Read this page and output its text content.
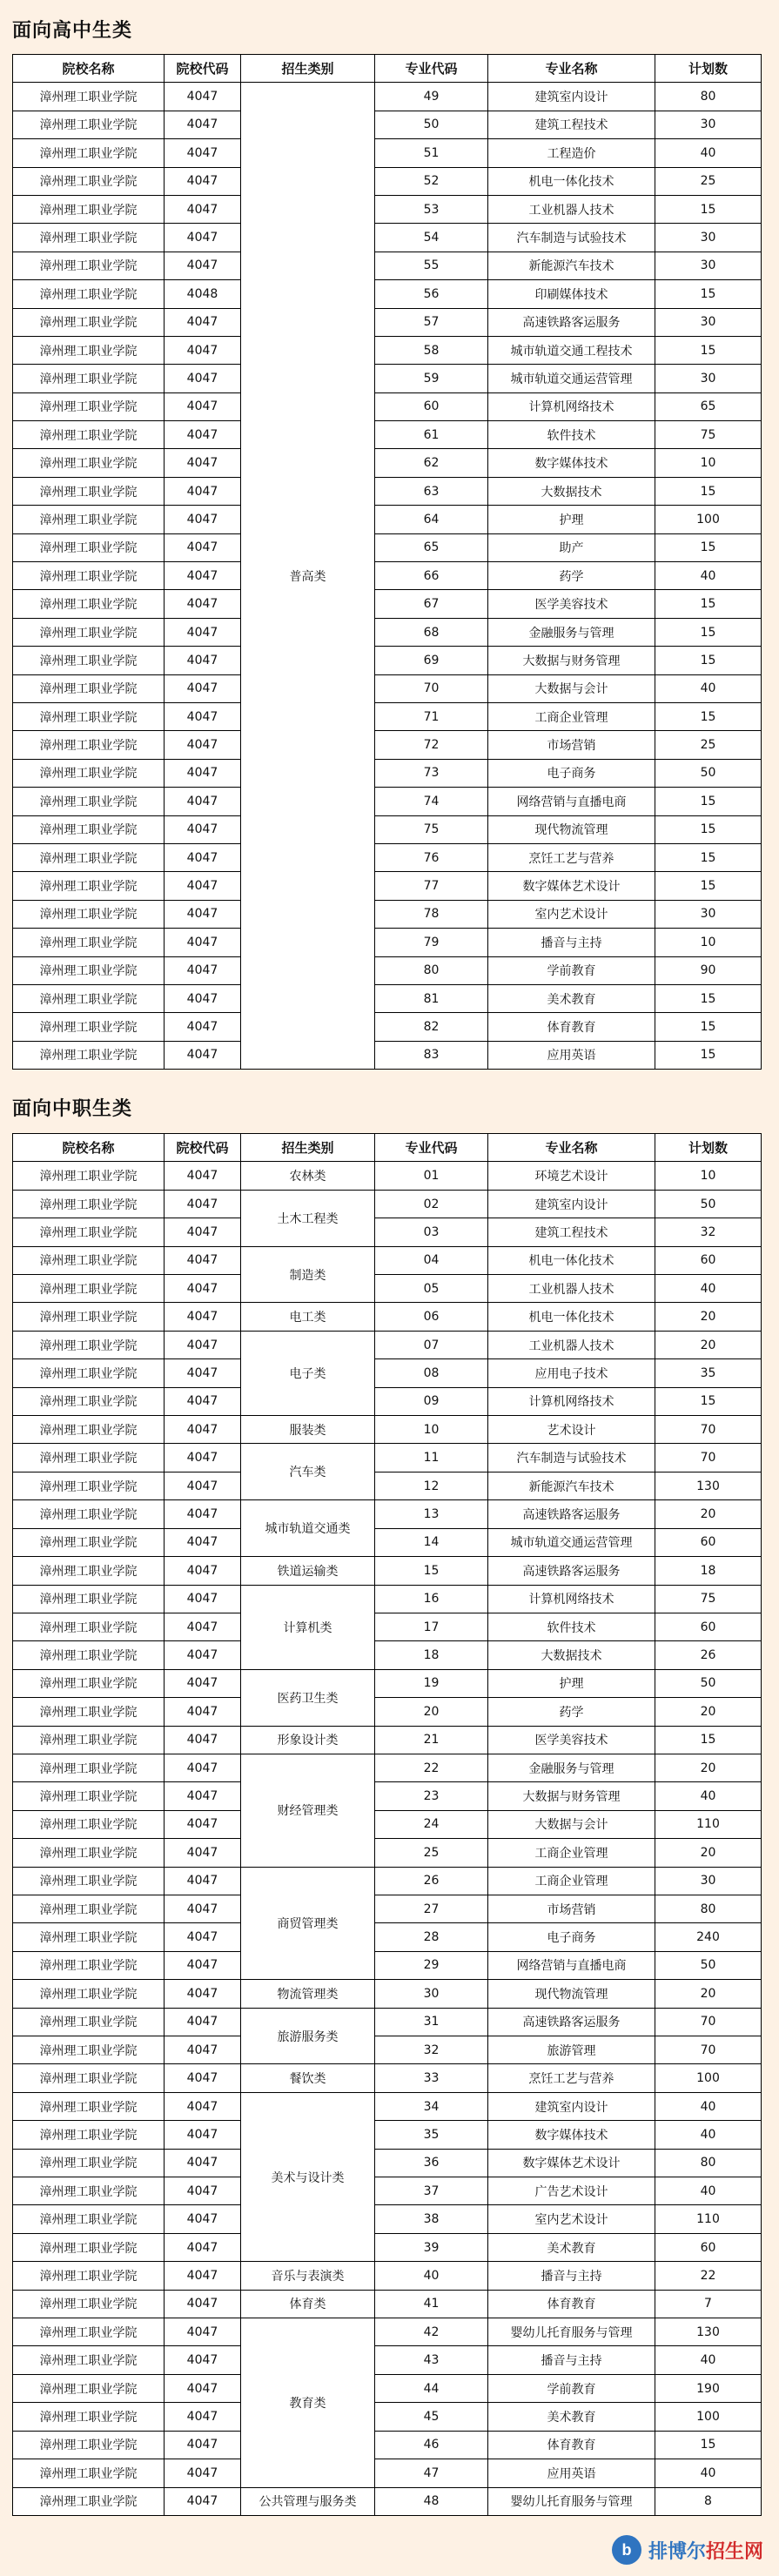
面向高中生类
院校名称	院校代码	招生类别	专业代码	专业名称	计划数
漳州理工职业学院	4047	普高类	49	建筑室内设计	80
漳州理工职业学院	4047		50	建筑工程技术	30
漳州理工职业学院	4047		51	工程造价	40
漳州理工职业学院	4047		52	机电一体化技术	25
漳州理工职业学院	4047		53	工业机器人技术	15
漳州理工职业学院	4047		54	汽车制造与试验技术	30
漳州理工职业学院	4047		55	新能源汽车技术	30
漳州理工职业学院	4048		56	印刷媒体技术	15
漳州理工职业学院	4047		57	高速铁路客运服务	30
漳州理工职业学院	4047		58	城市轨道交通工程技术	15
漳州理工职业学院	4047		59	城市轨道交通运营管理	30
漳州理工职业学院	4047		60	计算机网络技术	65
漳州理工职业学院	4047		61	软件技术	75
漳州理工职业学院	4047		62	数字媒体技术	10
漳州理工职业学院	4047		63	大数据技术	15
漳州理工职业学院	4047		64	护理	100
漳州理工职业学院	4047		65	助产	15
漳州理工职业学院	4047		66	药学	40
漳州理工职业学院	4047		67	医学美容技术	15
漳州理工职业学院	4047		68	金融服务与管理	15
漳州理工职业学院	4047		69	大数据与财务管理	15
漳州理工职业学院	4047		70	大数据与会计	40
漳州理工职业学院	4047		71	工商企业管理	15
漳州理工职业学院	4047		72	市场营销	25
漳州理工职业学院	4047		73	电子商务	50
漳州理工职业学院	4047		74	网络营销与直播电商	15
漳州理工职业学院	4047		75	现代物流管理	15
漳州理工职业学院	4047		76	烹饪工艺与营养	15
漳州理工职业学院	4047		77	数字媒体艺术设计	15
漳州理工职业学院	4047		78	室内艺术设计	30
漳州理工职业学院	4047		79	播音与主持	10
漳州理工职业学院	4047		80	学前教育	90
漳州理工职业学院	4047		81	美术教育	15
漳州理工职业学院	4047		82	体育教育	15
漳州理工职业学院	4047		83	应用英语	15
面向中职生类
院校名称	院校代码	招生类别	专业代码	专业名称	计划数
漳州理工职业学院	4047	农林类	01	环境艺术设计	10
漳州理工职业学院	4047	土木工程类	02	建筑室内设计	50
漳州理工职业学院	4047		03	建筑工程技术	32
漳州理工职业学院	4047	制造类	04	机电一体化技术	60
漳州理工职业学院	4047		05	工业机器人技术	40
漳州理工职业学院	4047	电工类	06	机电一体化技术	20
漳州理工职业学院	4047	电子类	07	工业机器人技术	20
漳州理工职业学院	4047		08	应用电子技术	35
漳州理工职业学院	4047		09	计算机网络技术	15
漳州理工职业学院	4047	服装类	10	艺术设计	70
漳州理工职业学院	4047	汽车类	11	汽车制造与试验技术	70
漳州理工职业学院	4047		12	新能源汽车技术	130
漳州理工职业学院	4047	城市轨道交通类	13	高速铁路客运服务	20
漳州理工职业学院	4047		14	城市轨道交通运营管理	60
漳州理工职业学院	4047	铁道运输类	15	高速铁路客运服务	18
漳州理工职业学院	4047	计算机类	16	计算机网络技术	75
漳州理工职业学院	4047		17	软件技术	60
漳州理工职业学院	4047		18	大数据技术	26
漳州理工职业学院	4047	医药卫生类	19	护理	50
漳州理工职业学院	4047		20	药学	20
漳州理工职业学院	4047	形象设计类	21	医学美容技术	15
漳州理工职业学院	4047	财经管理类	22	金融服务与管理	20
漳州理工职业学院	4047		23	大数据与财务管理	40
漳州理工职业学院	4047		24	大数据与会计	110
漳州理工职业学院	4047		25	工商企业管理	20
漳州理工职业学院	4047	商贸管理类	26	工商企业管理	30
漳州理工职业学院	4047		27	市场营销	80
漳州理工职业学院	4047		28	电子商务	240
漳州理工职业学院	4047		29	网络营销与直播电商	50
漳州理工职业学院	4047	物流管理类	30	现代物流管理	20
漳州理工职业学院	4047	旅游服务类	31	高速铁路客运服务	70
漳州理工职业学院	4047		32	旅游管理	70
漳州理工职业学院	4047	餐饮类	33	烹饪工艺与营养	100
漳州理工职业学院	4047	美术与设计类	34	建筑室内设计	40
漳州理工职业学院	4047		35	数字媒体技术	40
漳州理工职业学院	4047		36	数字媒体艺术设计	80
漳州理工职业学院	4047		37	广告艺术设计	40
漳州理工职业学院	4047		38	室内艺术设计	110
漳州理工职业学院	4047		39	美术教育	60
漳州理工职业学院	4047	音乐与表演类	40	播音与主持	22
漳州理工职业学院	4047	体育类	41	体育教育	7
漳州理工职业学院	4047	教育类	42	婴幼儿托育服务与管理	130
漳州理工职业学院	4047		43	播音与主持	40
漳州理工职业学院	4047		44	学前教育	190
漳州理工职业学院	4047		45	美术教育	100
漳州理工职业学院	4047		46	体育教育	15
漳州理工职业学院	4047		47	应用英语	40
漳州理工职业学院	4047	公共管理与服务类	48	婴幼儿托育服务与管理	8
b 排博尔招生网
